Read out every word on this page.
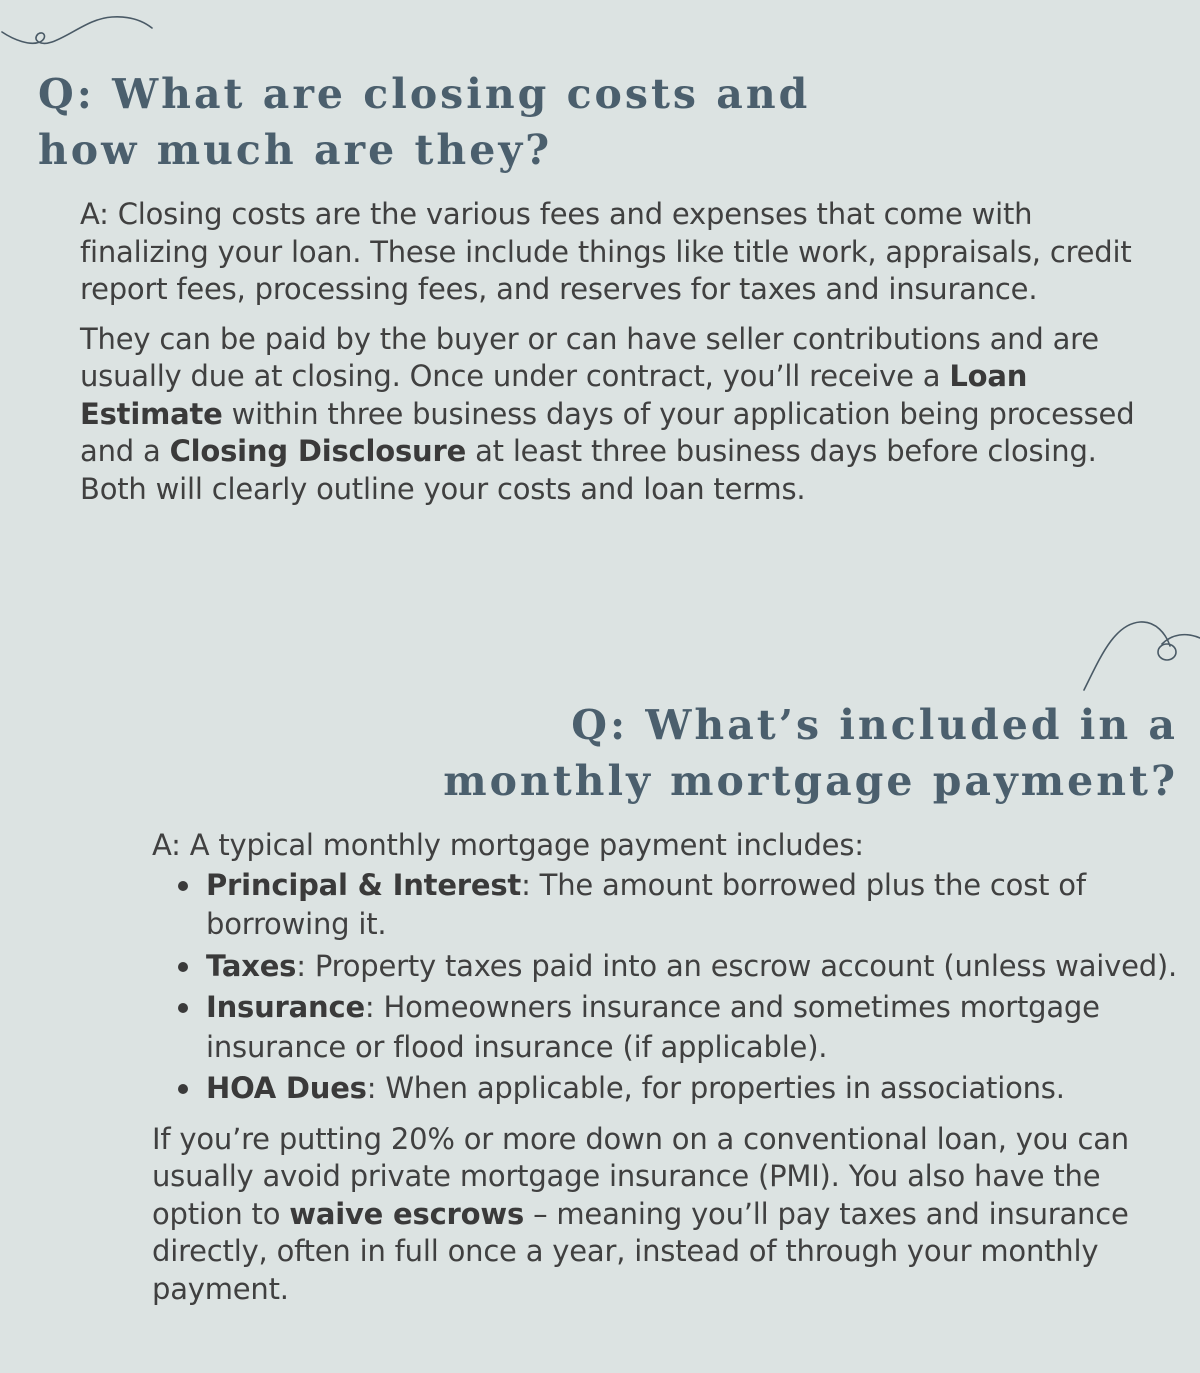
Q: What are closing costs and how much are they?

A: Closing costs are the various fees and expenses that come with finalizing your loan. These include things like title work, appraisals, credit report fees, processing fees, and reserves for taxes and insurance.

They can be paid by the buyer or can have seller contributions and are usually due at closing. Once under contract, you’ll receive a Loan Estimate within three business days of your application being processed and a Closing Disclosure at least three business days before closing. Both will clearly outline your costs and loan terms.

Q: What’s included in a monthly mortgage payment?

A: A typical monthly mortgage payment includes:

Principal & Interest: The amount borrowed plus the cost of borrowing it.
Taxes: Property taxes paid into an escrow account (unless waived).
Insurance: Homeowners insurance and sometimes mortgage insurance or flood insurance (if applicable).
HOA Dues: When applicable, for properties in associations.

If you’re putting 20% or more down on a conventional loan, you can usually avoid private mortgage insurance (PMI). You also have the option to waive escrows – meaning you’ll pay taxes and insurance directly, often in full once a year, instead of through your monthly payment.
